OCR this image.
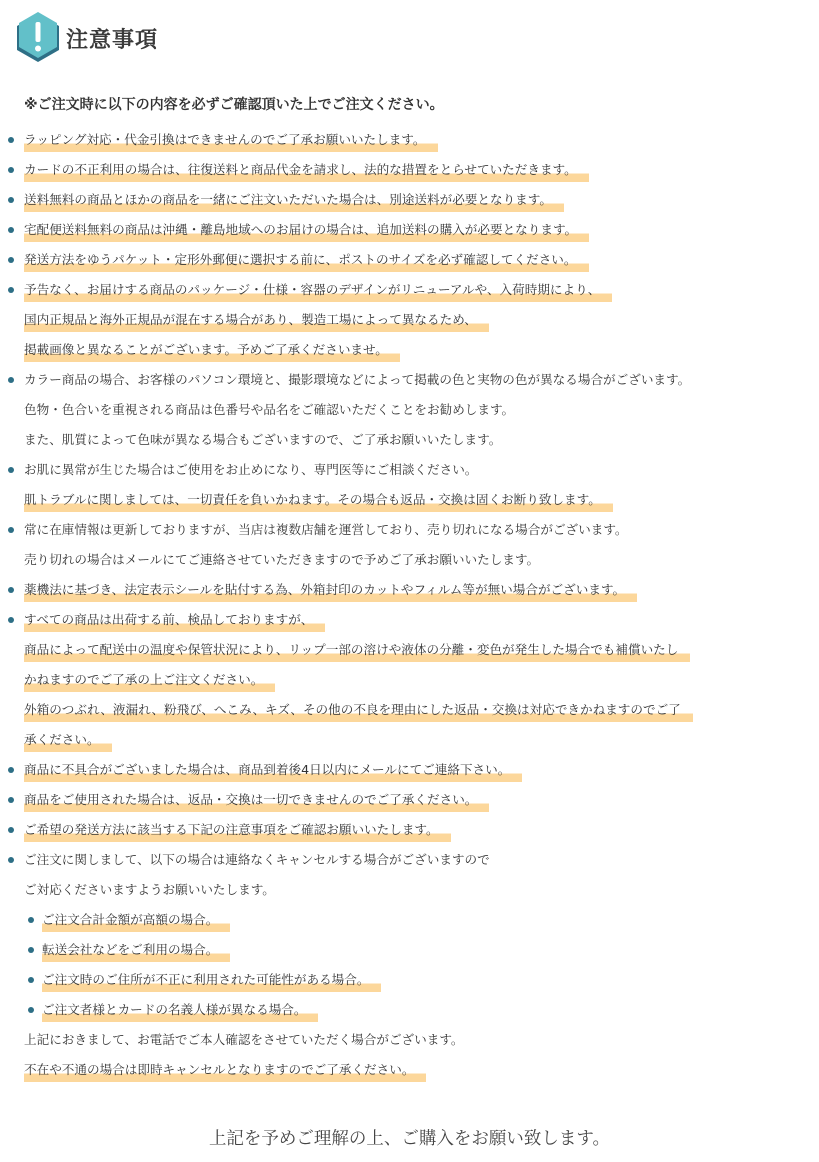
注意事項
※ご注文時に以下の内容を必ずご確認頂いた上でご注文ください。
ラッピング対応・代金引換はできませんのでご了承お願いいたします。
カードの不正利用の場合は、往復送料と商品代金を請求し、法的な措置をとらせていただきます。
送料無料の商品とほかの商品を一緒にご注文いただいた場合は、別途送料が必要となります。
宅配便送料無料の商品は沖縄・離島地域へのお届けの場合は、追加送料の購入が必要となります。
発送方法をゆうパケット・定形外郵便に選択する前に、ポストのサイズを必ず確認してください。
予告なく、お届けする商品のパッケージ・仕様・容器のデザインがリニューアルや、入荷時期により、
国内正規品と海外正規品が混在する場合があり、製造工場によって異なるため、
掲載画像と異なることがございます。予めご了承くださいませ。
カラー商品の場合、お客様のパソコン環境と、撮影環境などによって掲載の色と実物の色が異なる場合がございます。
色物・色合いを重視される商品は色番号や品名をご確認いただくことをお勧めします。
また、肌質によって色味が異なる場合もございますので、ご了承お願いいたします。
お肌に異常が生じた場合はご使用をお止めになり、専門医等にご相談ください。
肌トラブルに関しましては、一切責任を負いかねます。その場合も返品・交換は固くお断り致します。
常に在庫情報は更新しておりますが、当店は複数店舗を運営しており、売り切れになる場合がございます。
売り切れの場合はメールにてご連絡させていただきますので予めご了承お願いいたします。
薬機法に基づき、法定表示シールを貼付する為、外箱封印のカットやフィルム等が無い場合がございます。
すべての商品は出荷する前、検品しておりますが、
商品によって配送中の温度や保管状況により、リップ一部の溶けや液体の分離・変色が発生した場合でも補償いたし
かねますのでご了承の上ご注文ください。
外箱のつぶれ、液漏れ、粉飛び、へこみ、キズ、その他の不良を理由にした返品・交換は対応できかねますのでご了
承ください。
商品に不具合がございました場合は、商品到着後4日以内にメールにてご連絡下さい。
商品をご使用された場合は、返品・交換は一切できませんのでご了承ください。
ご希望の発送方法に該当する下記の注意事項をご確認お願いいたします。
ご注文に関しまして、以下の場合は連絡なくキャンセルする場合がございますので
ご対応くださいますようお願いいたします。
ご注文合計金額が高額の場合。
転送会社などをご利用の場合。
ご注文時のご住所が不正に利用された可能性がある場合。
ご注文者様とカードの名義人様が異なる場合。
上記におきまして、お電話でご本人確認をさせていただく場合がございます。
不在や不通の場合は即時キャンセルとなりますのでご了承ください。
上記を予めご理解の上、ご購入をお願い致します。
